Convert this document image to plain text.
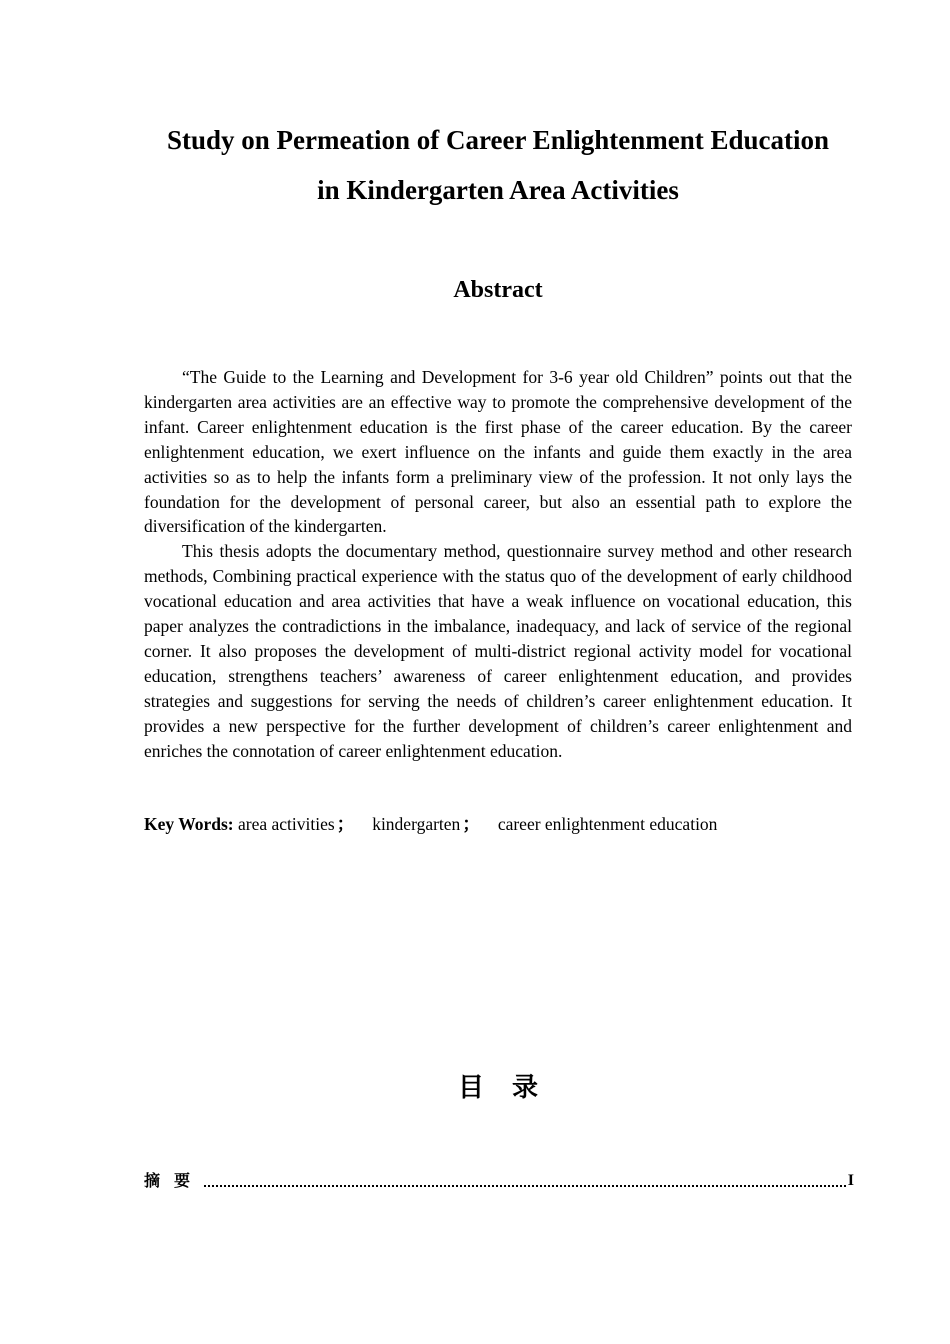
Study on Permeation of Career Enlightenment Education
in Kindergarten Area Activities
Abstract

“The Guide to the Learning and Development for 3-6 year old Children” points out that the kindergarten area activities are an effective way to promote the comprehensive development of the infant. Career enlightenment education is the first phase of the career education. By the career enlightenment education, we exert influence on the infants and guide them exactly in the area activities so as to help the infants form a preliminary view of the profession. It not only lays the foundation for the development of personal career, but also an essential path to explore the diversification of the kindergarten.

This thesis adopts the documentary method, questionnaire survey method and other research methods, Combining practical experience with the status quo of the development of early childhood vocational education and area activities that have a weak influence on vocational education, this paper analyzes the contradictions in the imbalance, inadequacy, and lack of service of the regional corner. It also proposes the development of multi-district regional activity model for vocational education, strengthens teachers’ awareness of career enlightenment education, and provides strategies and suggestions for serving the needs of children’s career enlightenment education. It provides a new perspective for the further development of children’s career enlightenment and enriches the connotation of career enlightenment education.

Key Words: area activities ； kindergarten ； career enlightenment education
目录
摘要	I
